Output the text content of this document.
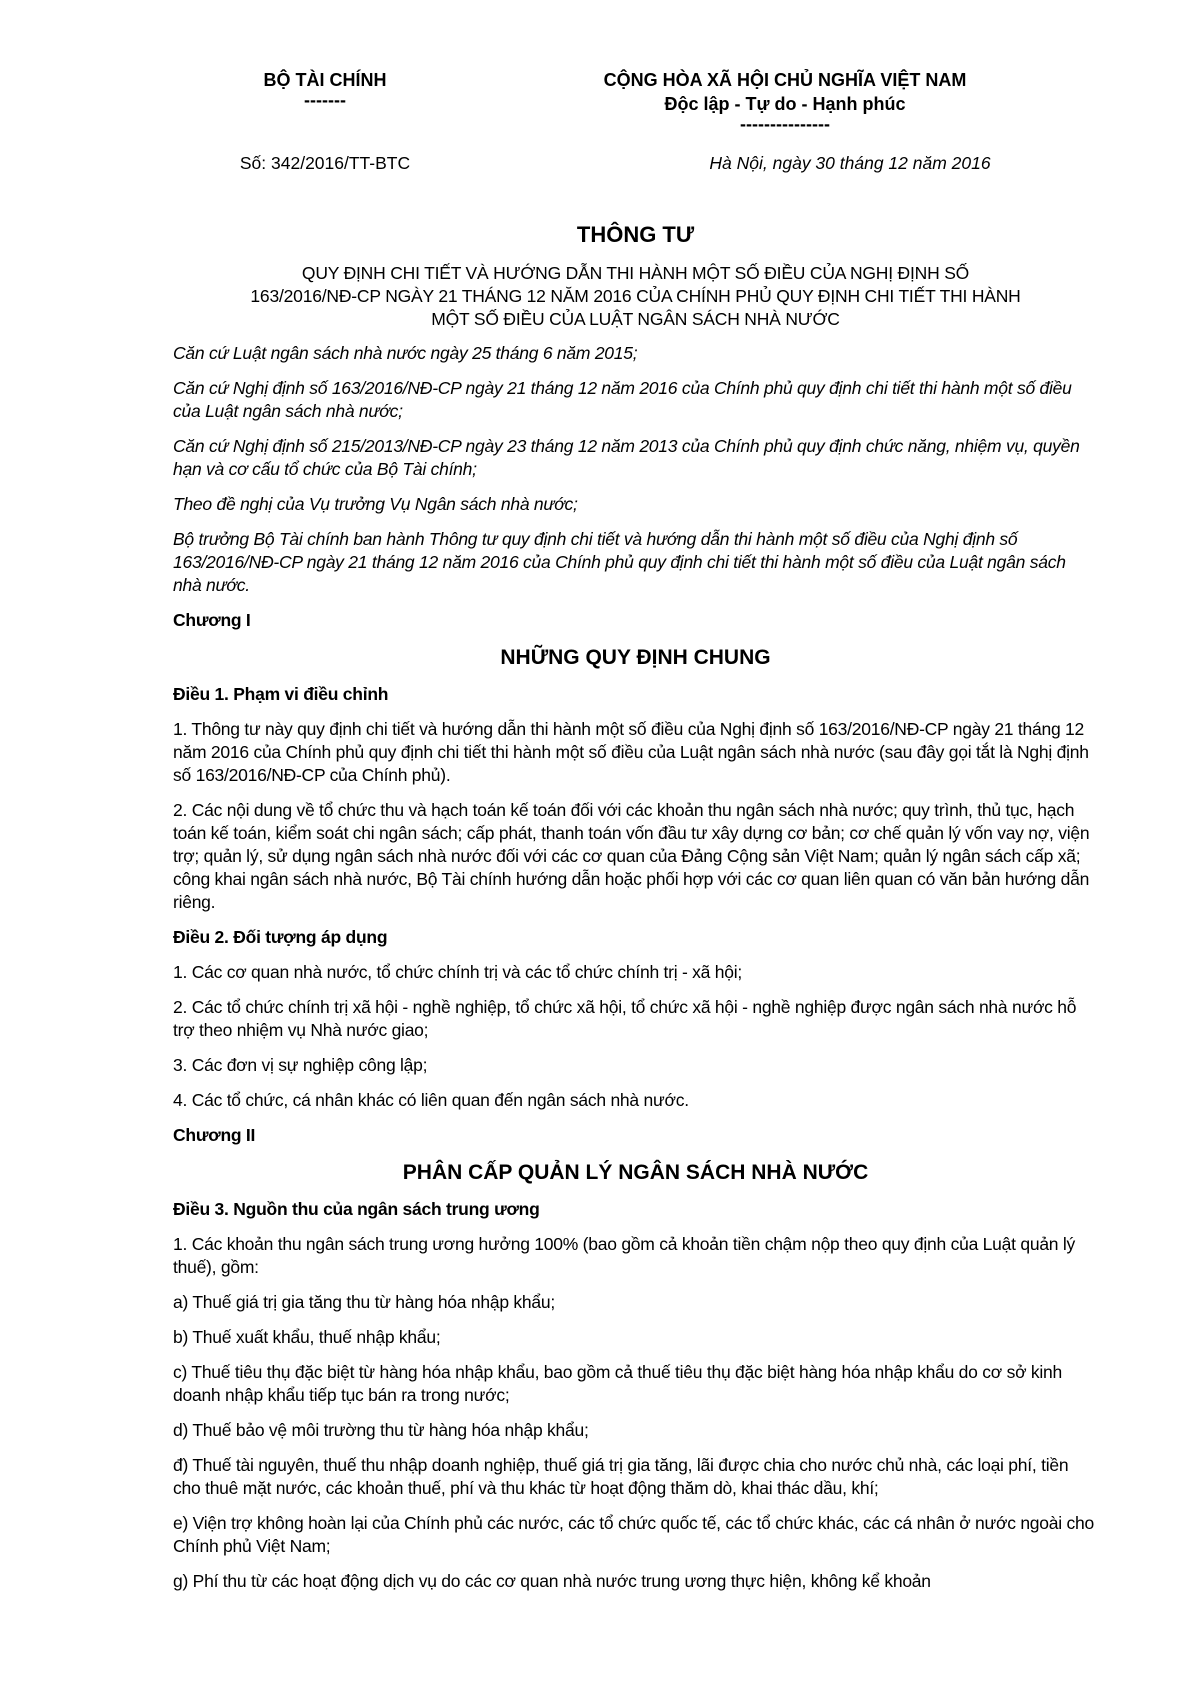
BỘ TÀI CHÍNH
-------
CỘNG HÒA XÃ HỘI CHỦ NGHĨA VIỆT NAM
Độc lập - Tự do - Hạnh phúc
---------------
Số: 342/2016/TT-BTC	Hà Nội, ngày 30 tháng 12 năm 2016
THÔNG TƯ
QUY ĐỊNH CHI TIẾT VÀ HƯỚNG DẪN THI HÀNH MỘT SỐ ĐIỀU CỦA NGHỊ ĐỊNH SỐ
163/2016/NĐ-CP NGÀY 21 THÁNG 12 NĂM 2016 CỦA CHÍNH PHỦ QUY ĐỊNH CHI TIẾT THI HÀNH
MỘT SỐ ĐIỀU CỦA LUẬT NGÂN SÁCH NHÀ NƯỚC

Căn cứ Luật ngân sách nhà nước ngày 25 tháng 6 năm 2015;

Căn cứ Nghị định số 163/2016/NĐ-CP ngày 21 tháng 12 năm 2016 của Chính phủ quy định chi tiết thi hành một số điều của Luật ngân sách nhà nước;

Căn cứ Nghị định số 215/2013/NĐ-CP ngày 23 tháng 12 năm 2013 của Chính phủ quy định chức năng, nhiệm vụ, quyền hạn và cơ cấu tổ chức của Bộ Tài chính;

Theo đề nghị của Vụ trưởng Vụ Ngân sách nhà nước;

Bộ trưởng Bộ Tài chính ban hành Thông tư quy định chi tiết và hướng dẫn thi hành một số điều của Nghị định số 163/2016/NĐ-CP ngày 21 tháng 12 năm 2016 của Chính phủ quy định chi tiết thi hành một số điều của Luật ngân sách nhà nước.

Chương I

NHỮNG QUY ĐỊNH CHUNG

Điều 1. Phạm vi điều chỉnh

1. Thông tư này quy định chi tiết và hướng dẫn thi hành một số điều của Nghị định số 163/2016/NĐ-CP ngày 21 tháng 12 năm 2016 của Chính phủ quy định chi tiết thi hành một số điều của Luật ngân sách nhà nước (sau đây gọi tắt là Nghị định số 163/2016/NĐ-CP của Chính phủ).

2. Các nội dung về tổ chức thu và hạch toán kế toán đối với các khoản thu ngân sách nhà nước; quy trình, thủ tục, hạch toán kế toán, kiểm soát chi ngân sách; cấp phát, thanh toán vốn đầu tư xây dựng cơ bản; cơ chế quản lý vốn vay nợ, viện trợ; quản lý, sử dụng ngân sách nhà nước đối với các cơ quan của Đảng Cộng sản Việt Nam; quản lý ngân sách cấp xã; công khai ngân sách nhà nước, Bộ Tài chính hướng dẫn hoặc phối hợp với các cơ quan liên quan có văn bản hướng dẫn riêng.

Điều 2. Đối tượng áp dụng

1. Các cơ quan nhà nước, tổ chức chính trị và các tổ chức chính trị - xã hội;

2. Các tổ chức chính trị xã hội - nghề nghiệp, tổ chức xã hội, tổ chức xã hội - nghề nghiệp được ngân sách nhà nước hỗ trợ theo nhiệm vụ Nhà nước giao;

3. Các đơn vị sự nghiệp công lập;

4. Các tổ chức, cá nhân khác có liên quan đến ngân sách nhà nước.

Chương II

PHÂN CẤP QUẢN LÝ NGÂN SÁCH NHÀ NƯỚC

Điều 3. Nguồn thu của ngân sách trung ương

1. Các khoản thu ngân sách trung ương hưởng 100% (bao gồm cả khoản tiền chậm nộp theo quy định của Luật quản lý thuế), gồm:

a) Thuế giá trị gia tăng thu từ hàng hóa nhập khẩu;

b) Thuế xuất khẩu, thuế nhập khẩu;

c) Thuế tiêu thụ đặc biệt từ hàng hóa nhập khẩu, bao gồm cả thuế tiêu thụ đặc biệt hàng hóa nhập khẩu do cơ sở kinh doanh nhập khẩu tiếp tục bán ra trong nước;

d) Thuế bảo vệ môi trường thu từ hàng hóa nhập khẩu;

đ) Thuế tài nguyên, thuế thu nhập doanh nghiệp, thuế giá trị gia tăng, lãi được chia cho nước chủ nhà, các loại phí, tiền cho thuê mặt nước, các khoản thuế, phí và thu khác từ hoạt động thăm dò, khai thác dầu, khí;

e) Viện trợ không hoàn lại của Chính phủ các nước, các tổ chức quốc tế, các tổ chức khác, các cá nhân ở nước ngoài cho Chính phủ Việt Nam;

g) Phí thu từ các hoạt động dịch vụ do các cơ quan nhà nước trung ương thực hiện, không kể khoản
